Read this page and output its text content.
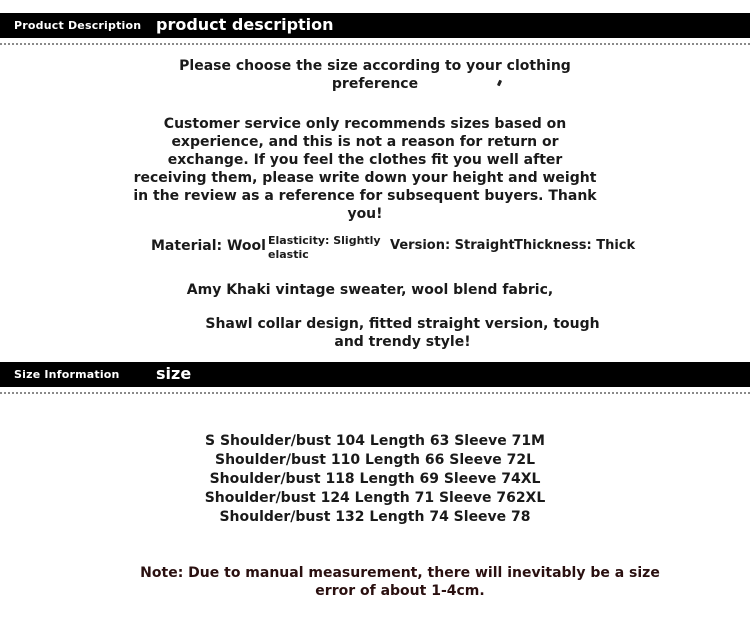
Product Description product description
Please choose the size according to your clothing preference
Customer service only recommends sizes based on experience, and this is not a reason for return or exchange. If you feel the clothes fit you well after receiving them, please write down your height and weight in the review as a reference for subsequent buyers. Thank you!
Material: Wool Elasticity: Slightly elastic
Version: Straight Thickness: Thick
Amy Khaki vintage sweater, wool blend fabric,
Shawl collar design, fitted straight version, tough and trendy style!
Size Information size
S Shoulder/bust 104 Length 63 Sleeve 71M
Shoulder/bust 110 Length 66 Sleeve 72L
Shoulder/bust 118 Length 69 Sleeve 74XL
Shoulder/bust 124 Length 71 Sleeve 762XL
Shoulder/bust 132 Length 74 Sleeve 78
Note: Due to manual measurement, there will inevitably be a size error of about 1-4cm.
